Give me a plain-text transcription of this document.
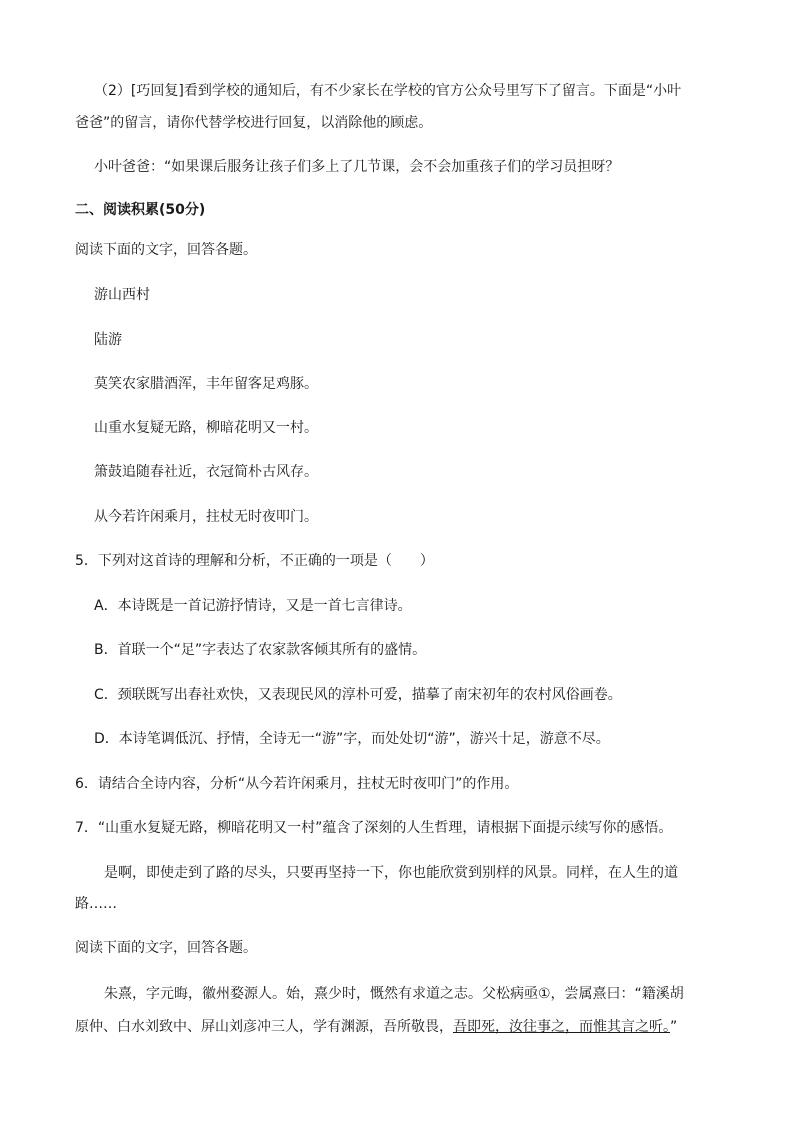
（2）[巧回复]看到学校的通知后，有不少家长在学校的官方公众号里写下了留言。下面是“小叶
爸爸”的留言，请你代替学校进行回复，以消除他的顾虑。
小叶爸爸：“如果课后服务让孩子们多上了几节课，会不会加重孩子们的学习员担呀？
二、阅读积累(50分)
阅读下面的文字，回答各题。
游山西村
陆游
莫笑农家腊酒浑，丰年留客足鸡豚。
山重水复疑无路，柳暗花明又一村。
箫鼓追随春社近，衣冠简朴古风存。
从今若许闲乘月，拄杖无时夜叩门。
5．下列对这首诗的理解和分析，不正确的一项是（　　）
A．本诗既是一首记游抒情诗，又是一首七言律诗。
B．首联一个“足”字表达了农家款客倾其所有的盛情。
C．颈联既写出春社欢快，又表现民风的淳朴可爱，描摹了南宋初年的农村风俗画卷。
D．本诗笔调低沉、抒情，全诗无一“游”字，而处处切“游”，游兴十足，游意不尽。
6．请结合全诗内容，分析“从今若许闲乘月，拄杖无时夜叩门”的作用。
7．“山重水复疑无路，柳暗花明又一村”蕴含了深刻的人生哲理，请根据下面提示续写你的感悟。
是啊，即使走到了路的尽头，只要再坚持一下，你也能欣赏到别样的风景。同样，在人生的道
路……
阅读下面的文字，回答各题。
朱熹，字元晦，徽州婺源人。始，熹少时，慨然有求道之志。父松病亟①，尝属熹曰：“籍溪胡
原仲、白水刘致中、屏山刘彦冲三人，学有渊源，吾所敬畏，吾即死，汝往事之，而惟其言之听。”
